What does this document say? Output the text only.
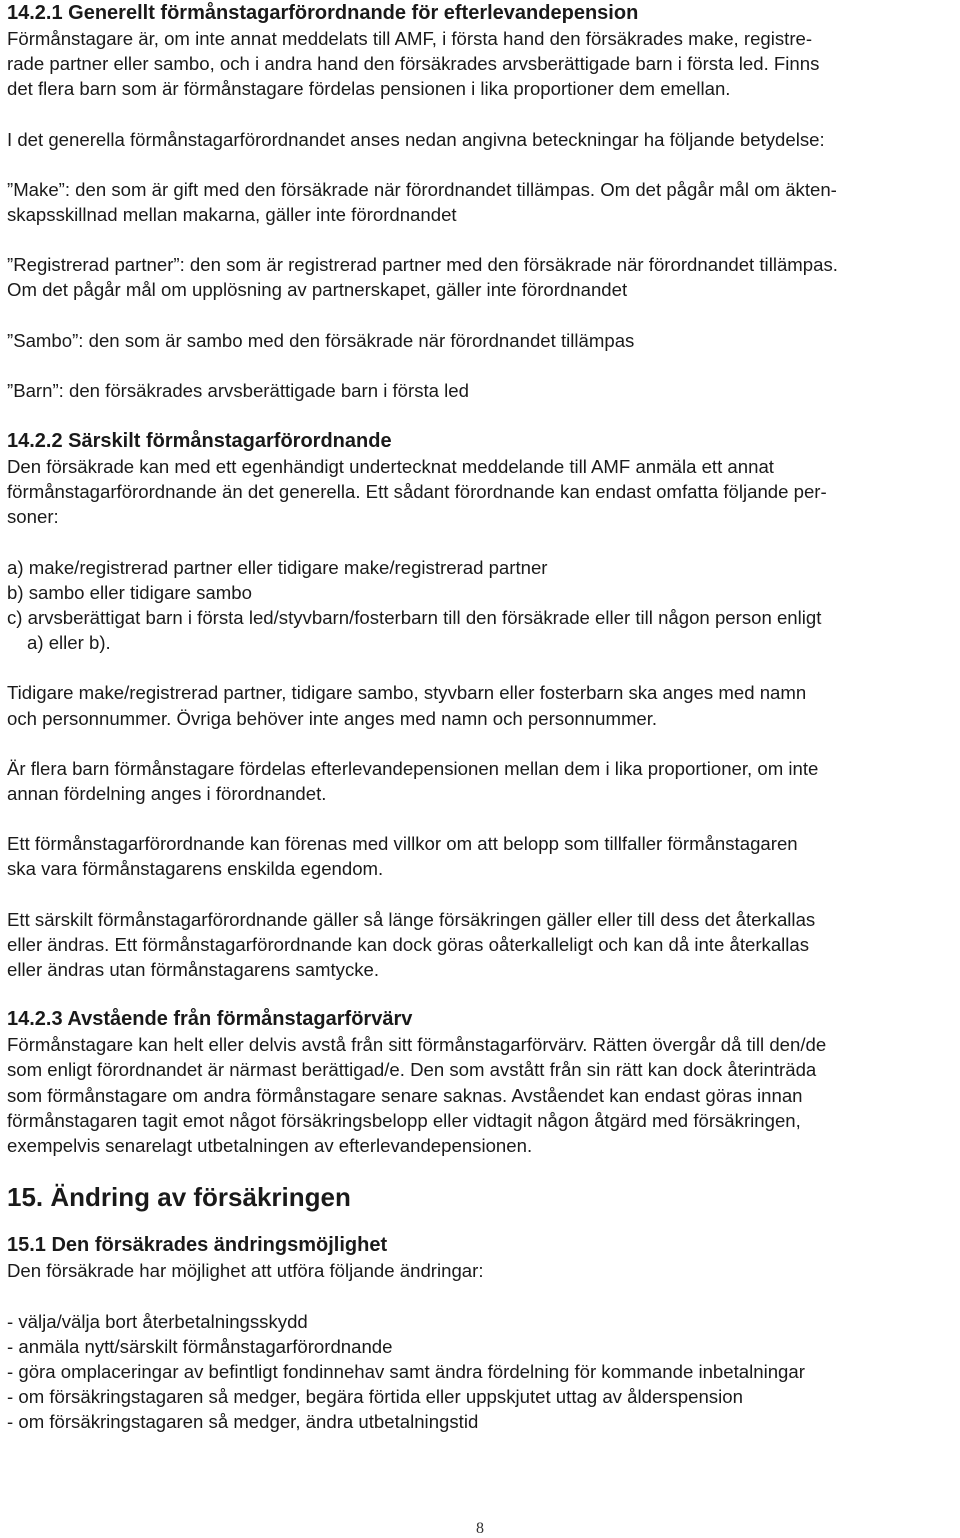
14.2.1 Generellt förmånstagarförordnande för efterlevandepension
Förmånstagare är, om inte annat meddelats till AMF, i första hand den försäkrades make, registre-
rade partner eller sambo, och i andra hand den försäkrades arvsberättigade barn i första led. Finns
det flera barn som är förmånstagare fördelas pensionen i lika proportioner dem emellan.
I det generella förmånstagarförordnandet anses nedan angivna beteckningar ha följande betydelse:
”Make”: den som är gift med den försäkrade när förordnandet tillämpas. Om det pågår mål om äkten-
skapsskillnad mellan makarna, gäller inte förordnandet
”Registrerad partner”: den som är registrerad partner med den försäkrade när förordnandet tillämpas.
Om det pågår mål om upplösning av partnerskapet, gäller inte förordnandet
”Sambo”: den som är sambo med den försäkrade när förordnandet tillämpas
”Barn”: den försäkrades arvsberättigade barn i första led
14.2.2 Särskilt förmånstagarförordnande
Den försäkrade kan med ett egenhändigt undertecknat meddelande till AMF anmäla ett annat
förmånstagarförordnande än det generella. Ett sådant förordnande kan endast omfatta följande per-
soner:
a) make/registrerad partner eller tidigare make/registrerad partner
b) sambo eller tidigare sambo
c) arvsberättigat barn i första led/styvbarn/fosterbarn till den försäkrade eller till någon person enligt
a) eller b).
Tidigare make/registrerad partner, tidigare sambo, styvbarn eller fosterbarn ska anges med namn
och personnummer. Övriga behöver inte anges med namn och personnummer.
Är flera barn förmånstagare fördelas efterlevandepensionen mellan dem i lika proportioner, om inte
annan fördelning anges i förordnandet.
Ett förmånstagarförordnande kan förenas med villkor om att belopp som tillfaller förmånstagaren
ska vara förmånstagarens enskilda egendom.
Ett särskilt förmånstagarförordnande gäller så länge försäkringen gäller eller till dess det återkallas
eller ändras. Ett förmånstagarförordnande kan dock göras oåterkalleligt och kan då inte återkallas
eller ändras utan förmånstagarens samtycke.
14.2.3 Avstående från förmånstagarförvärv
Förmånstagare kan helt eller delvis avstå från sitt förmånstagarförvärv. Rätten övergår då till den/de
som enligt förordnandet är närmast berättigad/e. Den som avstått från sin rätt kan dock återinträda
som förmånstagare om andra förmånstagare senare saknas. Avståendet kan endast göras innan
förmånstagaren tagit emot något försäkringsbelopp eller vidtagit någon åtgärd med försäkringen,
exempelvis senarelagt utbetalningen av efterlevandepensionen.
15. Ändring av försäkringen
15.1 Den försäkrades ändringsmöjlighet
Den försäkrade har möjlighet att utföra följande ändringar:
- välja/välja bort återbetalningsskydd
- anmäla nytt/särskilt förmånstagarförordnande
- göra omplaceringar av befintligt fondinnehav samt ändra fördelning för kommande inbetalningar
- om försäkringstagaren så medger, begära förtida eller uppskjutet uttag av ålderspension
- om försäkringstagaren så medger, ändra utbetalningstid
8
